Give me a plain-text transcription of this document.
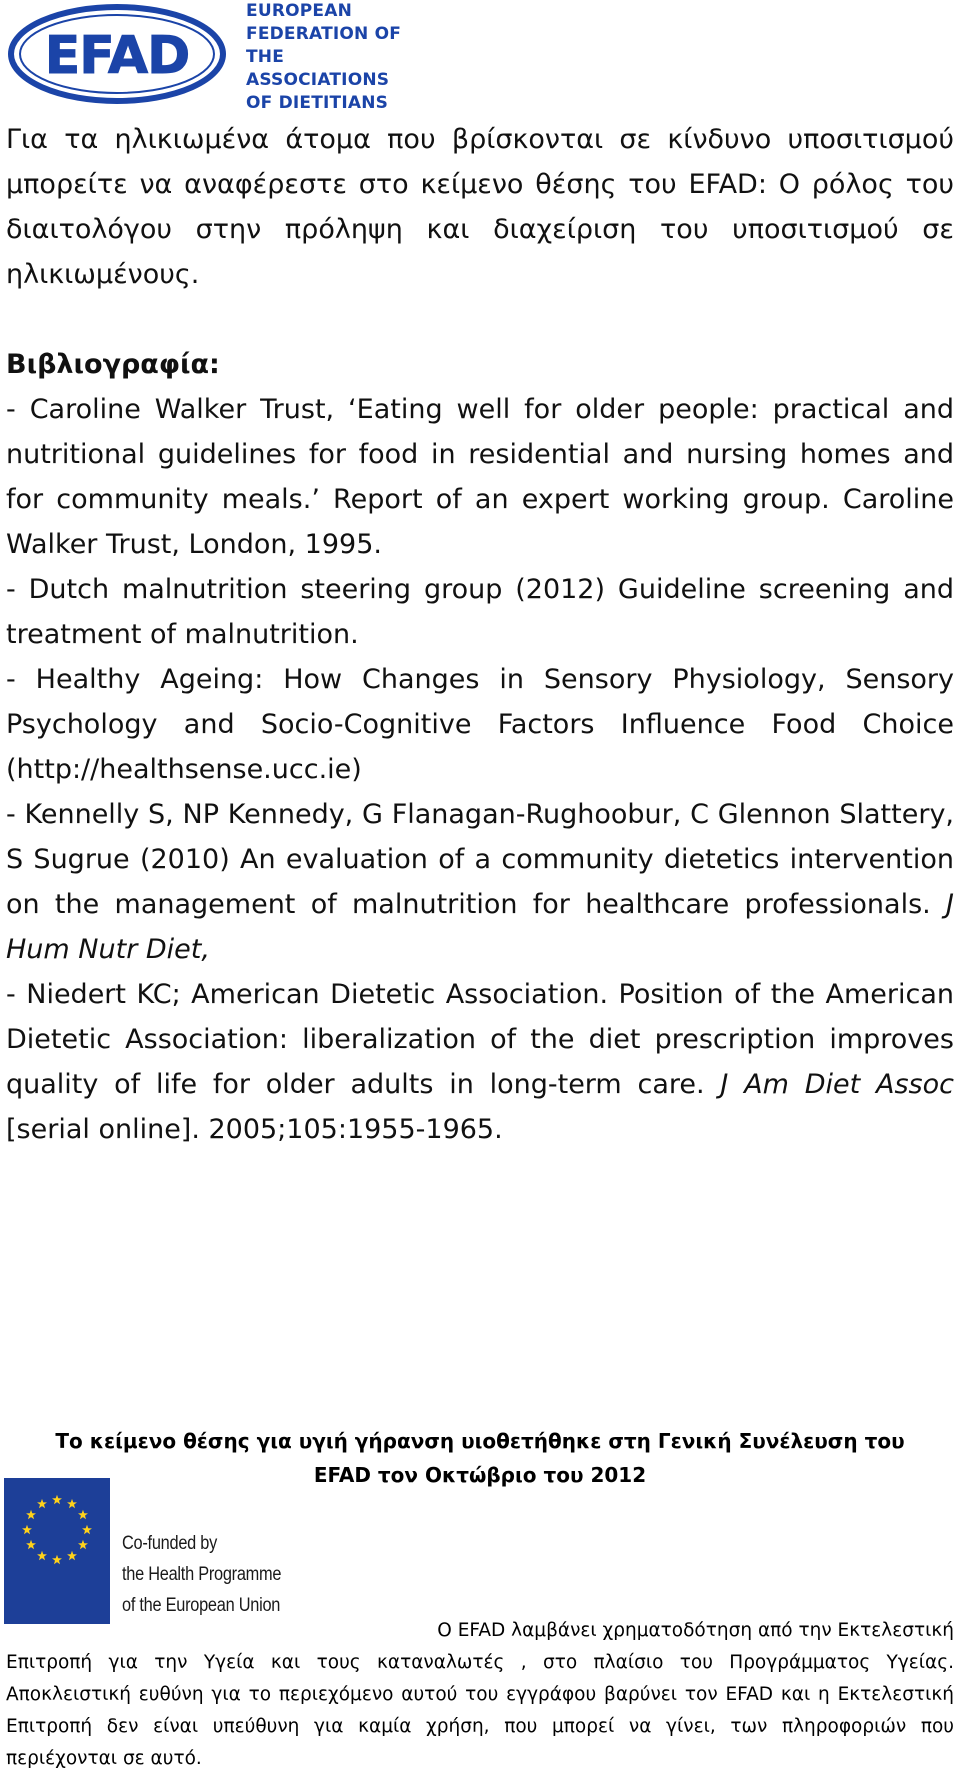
EFAD
EUROPEAN
FEDERATION OF
THE ASSOCIATIONS
OF DIETITIANS

Για τα ηλικιωμένα άτομα που βρίσκονται σε κίνδυνο υποσιτισμού μπορείτε να αναφέρεστε στο κείμενο θέσης του EFAD: Ο ρόλος του διαιτολόγου στην πρόληψη και διαχείριση του υποσιτισμού σε ηλικιωμένους.

Βιβλιογραφία:

- Caroline Walker Trust, ‘Eating well for older people: practical and nutritional guidelines for food in residential and nursing homes and for community meals.’ Report of an expert working group. Caroline Walker Trust, London, 1995.

- Dutch malnutrition steering group (2012) Guideline screening and treatment of malnutrition.

- Healthy Ageing: How Changes in Sensory Physiology, Sensory Psychology and Socio-Cognitive Factors Influence Food Choice (http://healthsense.ucc.ie)

- Kennelly S, NP Kennedy, G Flanagan-Rughoobur, C Glennon Slattery, S Sugrue (2010) An evaluation of a community dietetics intervention on the management of malnutrition for healthcare professionals. J Hum Nutr Diet,

- Niedert KC; American Dietetic Association. Position of the American Dietetic Association: liberalization of the diet prescription improves quality of life for older adults in long-term care. J Am Diet Assoc [serial online]. 2005;105:1955-1965.

Το κείμενο θέσης για υγιή γήρανση υιοθετήθηκε στη Γενική Συνέλευση του EFAD τον Οκτώβριο του 2012
Co-funded by
the Health Programme
of the European Union
Ο EFAD λαμβάνει χρηματοδότηση από την Εκτελεστική
Επιτροπή για την Υγεία και τους καταναλωτές , στο πλαίσιο του Προγράμματος Υγείας. Αποκλειστική ευθύνη για το περιεχόμενο αυτού του εγγράφου βαρύνει τον EFAD και η Εκτελεστική Επιτροπή δεν είναι υπεύθυνη για καμία χρήση, που μπορεί να γίνει, των πληροφοριών που περιέχονται σε αυτό.
